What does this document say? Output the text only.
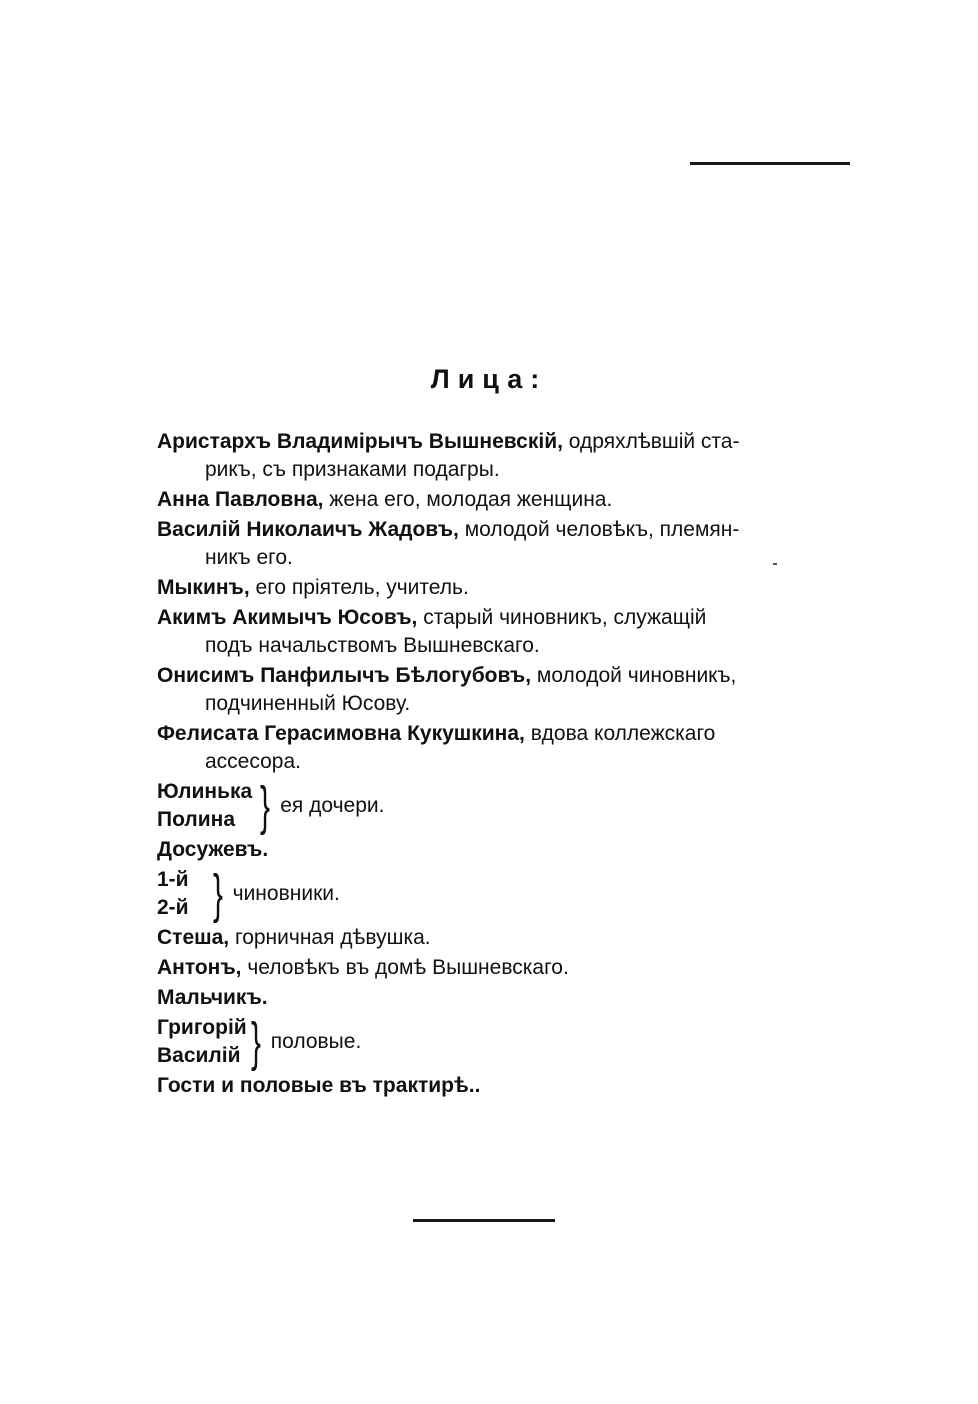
Лица:
Аристархъ Владимiрычъ Вышневскiй, одряхлѣвшiй ста-
рикъ, съ признаками подагры.
Анна Павловна, жена его, молодая женщина.
Василiй Николаичъ Жадовъ, молодой человѣкъ, племян-
никъ его.
Мыкинъ, его прiятель, учитель.
Акимъ Акимычъ Юсовъ, старый чиновникъ, служащiй
подъ начальствомъ Вышневскаго.
Онисимъ Панфилычъ Бѣлогубовъ, молодой чиновникъ,
подчиненный Юсову.
Фелисата Герасимовна Кукушкина, вдова коллежскаго
ассесора.
Юлинька
Полина } ея дочери.
Досужевъ.
1-й
2-й } чиновники.
Стеша, горничная дѣвушка.
Антонъ, человѣкъ въ домѣ Вышневскаго.
Мальчикъ.
Григорiй
Василiй } половые.
Гости и половые въ трактирѣ..
